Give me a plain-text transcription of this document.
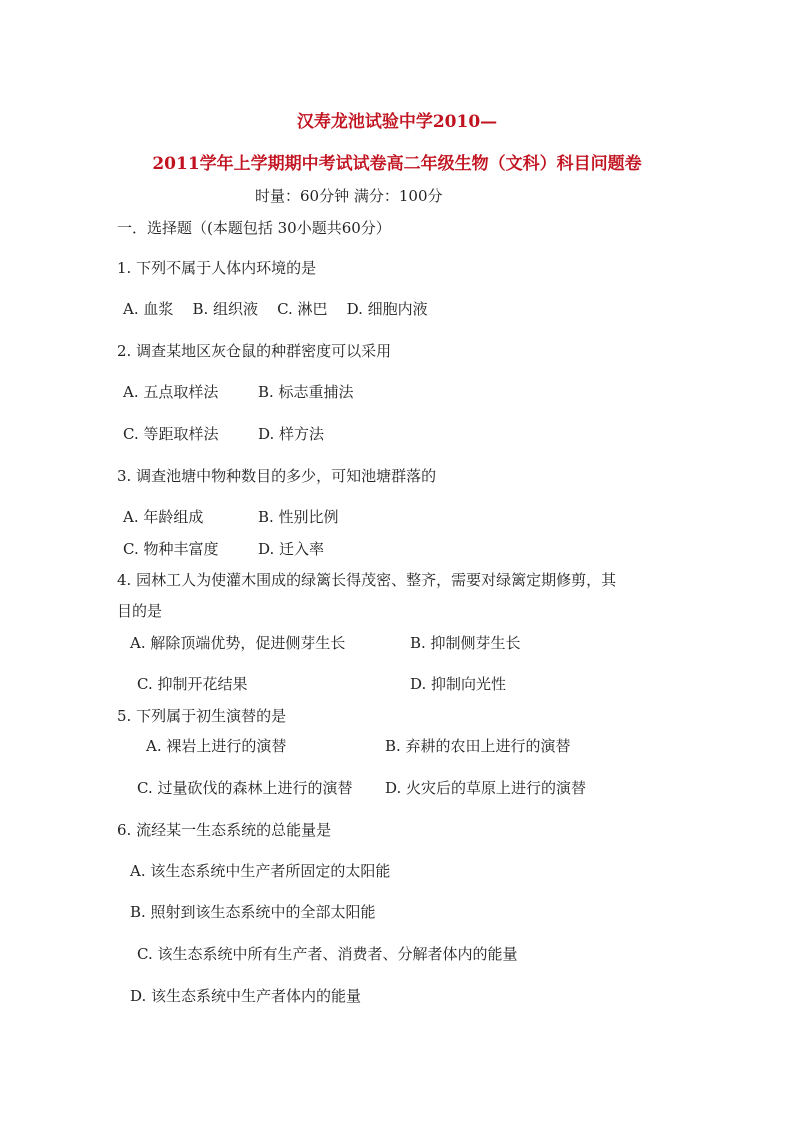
汉寿龙池试验中学2010—
2011学年上学期期中考试试卷高二年级生物（文科）科目问题卷
时量：60分钟 满分：100分
一．选择题（(本题包括 30小题共60分）
1. 下列不属于人体内环境的是
A. 血浆    B. 组织液    C. 淋巴    D. 细胞内液
2. 调查某地区灰仓鼠的种群密度可以采用
A. 五点取样法	B. 标志重捕法
C. 等距取样法	D. 样方法
3. 调查池塘中物种数目的多少，可知池塘群落的
A. 年龄组成	B. 性别比例
C. 物种丰富度	D. 迁入率
4. 园林工人为使灌木围成的绿篱长得茂密、整齐，需要对绿篱定期修剪，其
目的是
A. 解除顶端优势，促进侧芽生长	B. 抑制侧芽生长
C. 抑制开花结果	D. 抑制向光性
5. 下列属于初生演替的是
A. 裸岩上进行的演替	B. 弃耕的农田上进行的演替
C. 过量砍伐的森林上进行的演替 D. 火灾后的草原上进行的演替
6. 流经某一生态系统的总能量是
A. 该生态系统中生产者所固定的太阳能
B. 照射到该生态系统中的全部太阳能
C. 该生态系统中所有生产者、消费者、分解者体内的能量
D. 该生态系统中生产者体内的能量
